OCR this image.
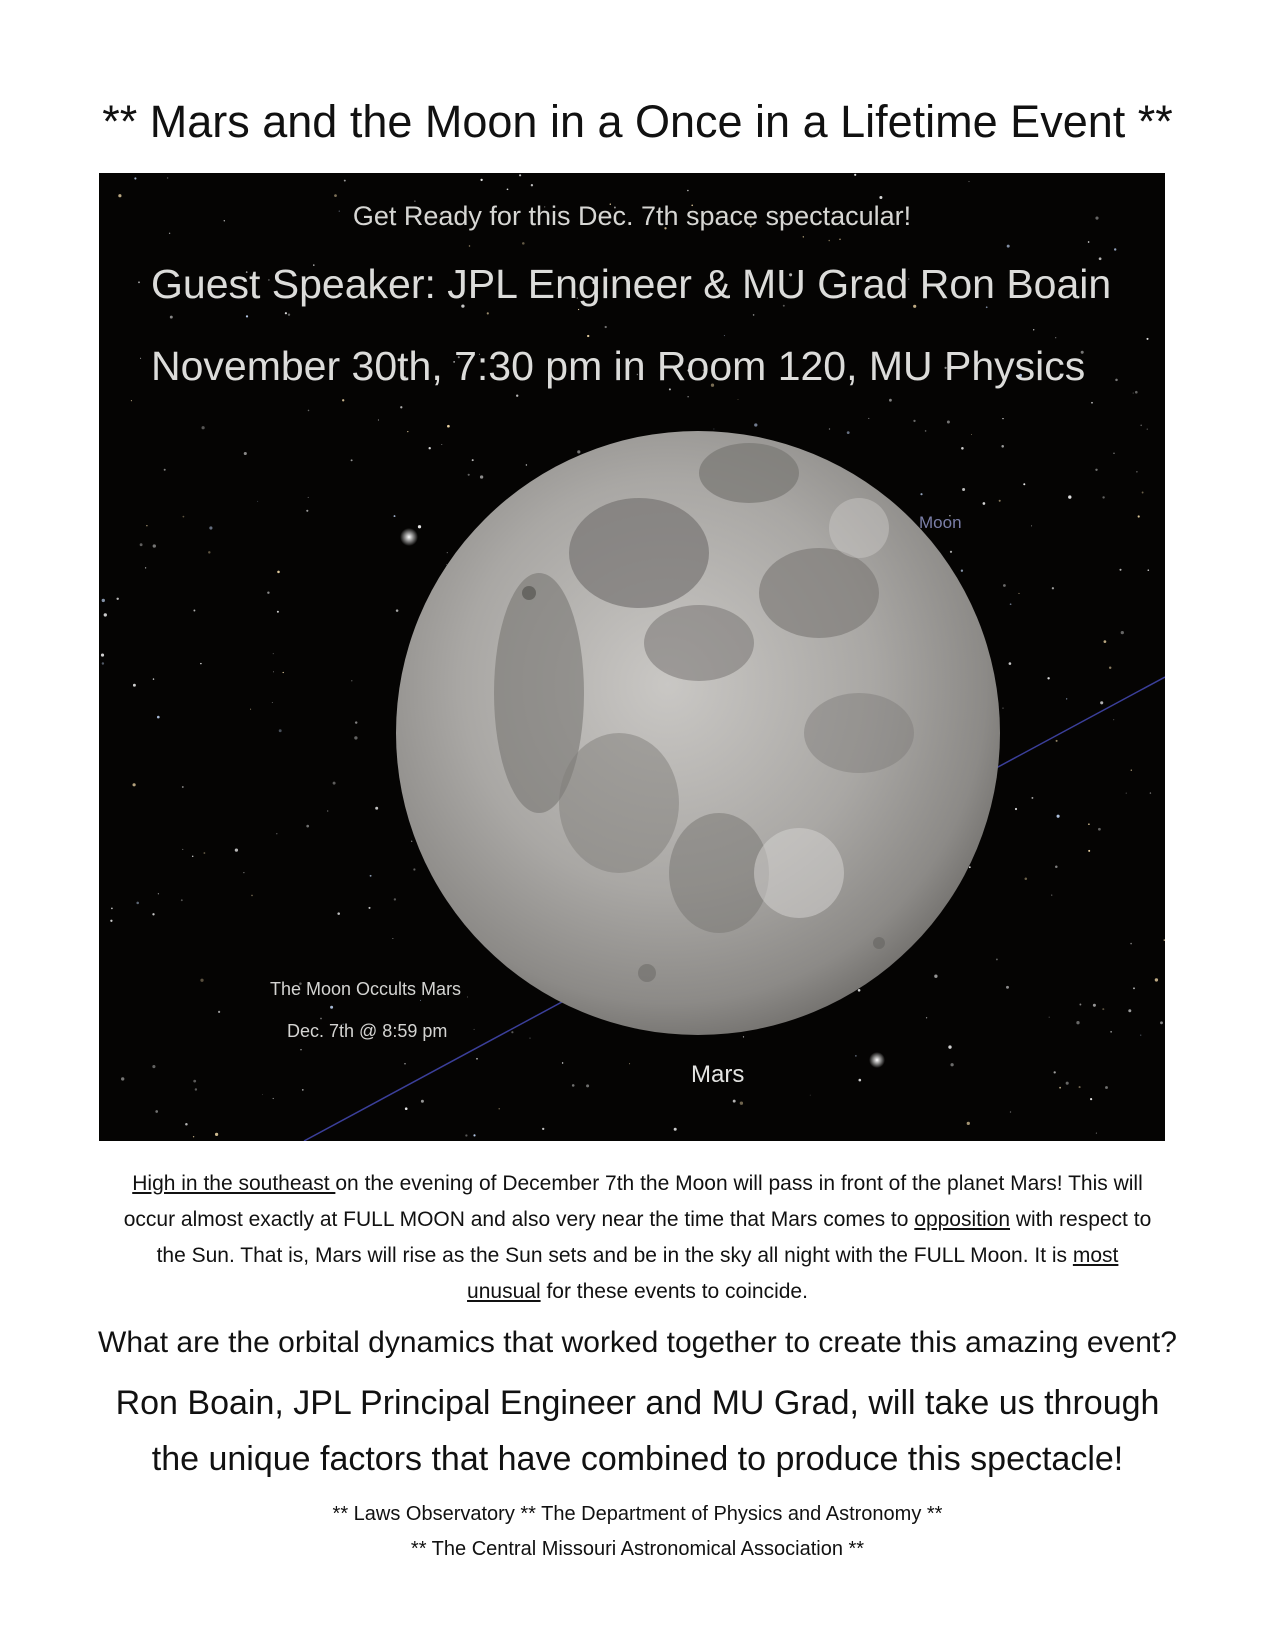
** Mars and the Moon in a Once in a Lifetime Event **
Get Ready for this Dec. 7th space spectacular!
Guest Speaker: JPL Engineer & MU Grad Ron Boain
November 30th, 7:30 pm in Room 120, MU Physics
Moon
The Moon Occults Mars
Dec. 7th @ 8:59 pm
Mars
High in the southeast on the evening of December 7th the Moon will pass in front of the planet Mars! This will occur almost exactly at FULL MOON and also very near the time that Mars comes to opposition with respect to the Sun. That is, Mars will rise as the Sun sets and be in the sky all night with the FULL Moon. It is most unusual for these events to coincide.
What are the orbital dynamics that worked together to create this amazing event?
Ron Boain, JPL Principal Engineer and MU Grad, will take us through
the unique factors that have combined to produce this spectacle!
** Laws Observatory ** The Department of Physics and Astronomy **
** The Central Missouri Astronomical Association **
